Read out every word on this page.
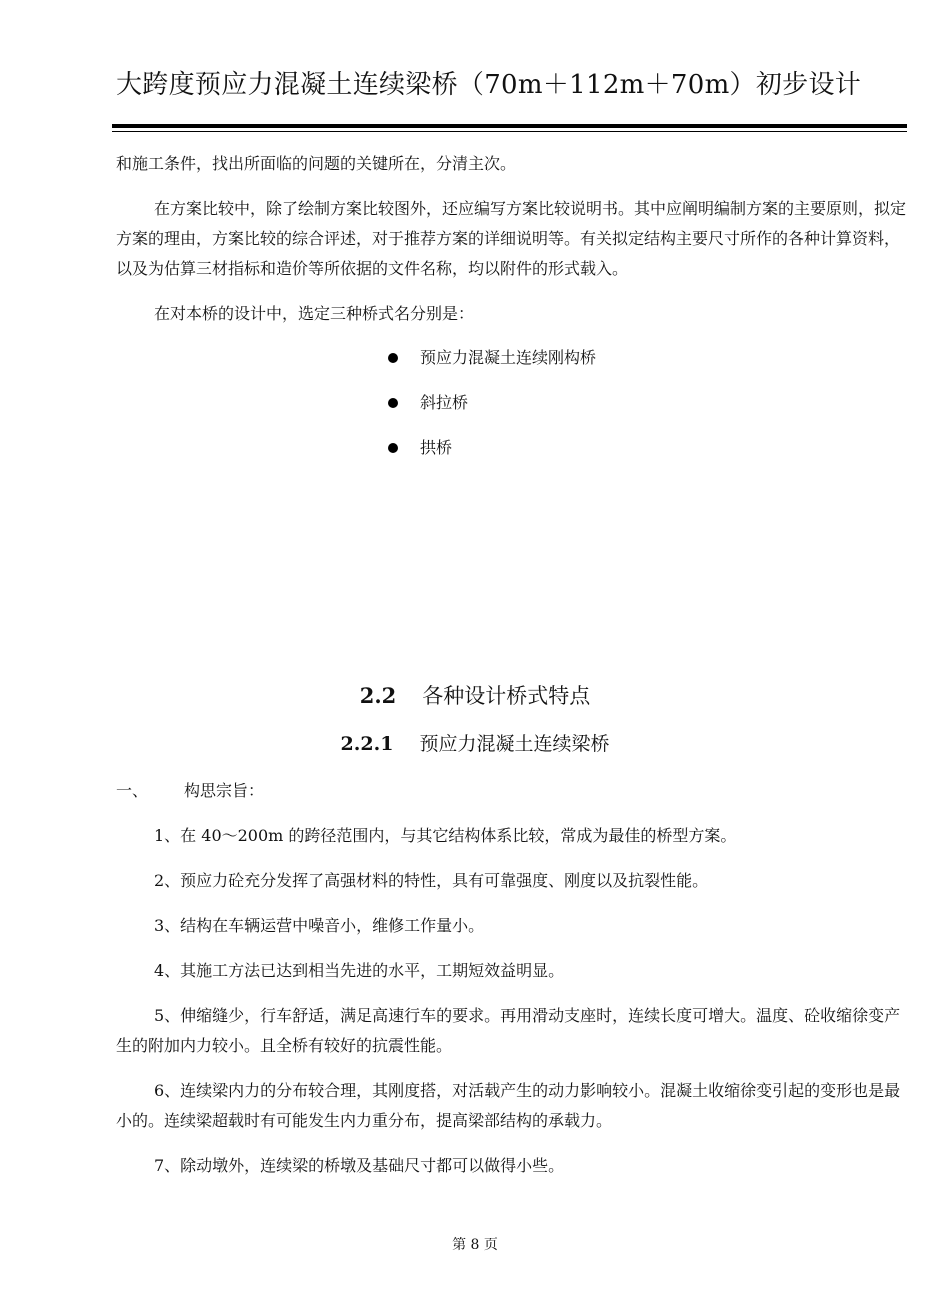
大跨度预应力混凝土连续梁桥（70m＋112m＋70m）初步设计

和施工条件，找出所面临的问题的关键所在，分清主次。

在方案比较中，除了绘制方案比较图外，还应编写方案比较说明书。其中应阐明编制方案的主要原则，拟定方案的理由，方案比较的综合评述，对于推荐方案的详细说明等。有关拟定结构主要尺寸所作的各种计算资料，以及为估算三材指标和造价等所依据的文件名称，均以附件的形式载入。

在对本桥的设计中，选定三种桥式名分别是：

预应力混凝土连续刚构桥
斜拉桥
拱桥
2.2 各种设计桥式特点
2.2.1 预应力混凝土连续梁桥
一、	构思宗旨：

1、在 40～200m 的跨径范围内，与其它结构体系比较，常成为最佳的桥型方案。

2、预应力砼充分发挥了高强材料的特性，具有可靠强度、刚度以及抗裂性能。

3、结构在车辆运营中噪音小，维修工作量小。

4、其施工方法已达到相当先进的水平，工期短效益明显。

5、伸缩缝少，行车舒适，满足高速行车的要求。再用滑动支座时，连续长度可增大。温度、砼收缩徐变产生的附加内力较小。且全桥有较好的抗震性能。

6、连续梁内力的分布较合理，其刚度搭，对活载产生的动力影响较小。混凝土收缩徐变引起的变形也是最小的。连续梁超载时有可能发生内力重分布，提高梁部结构的承载力。

7、除动墩外，连续梁的桥墩及基础尺寸都可以做得小些。

第 8 页
